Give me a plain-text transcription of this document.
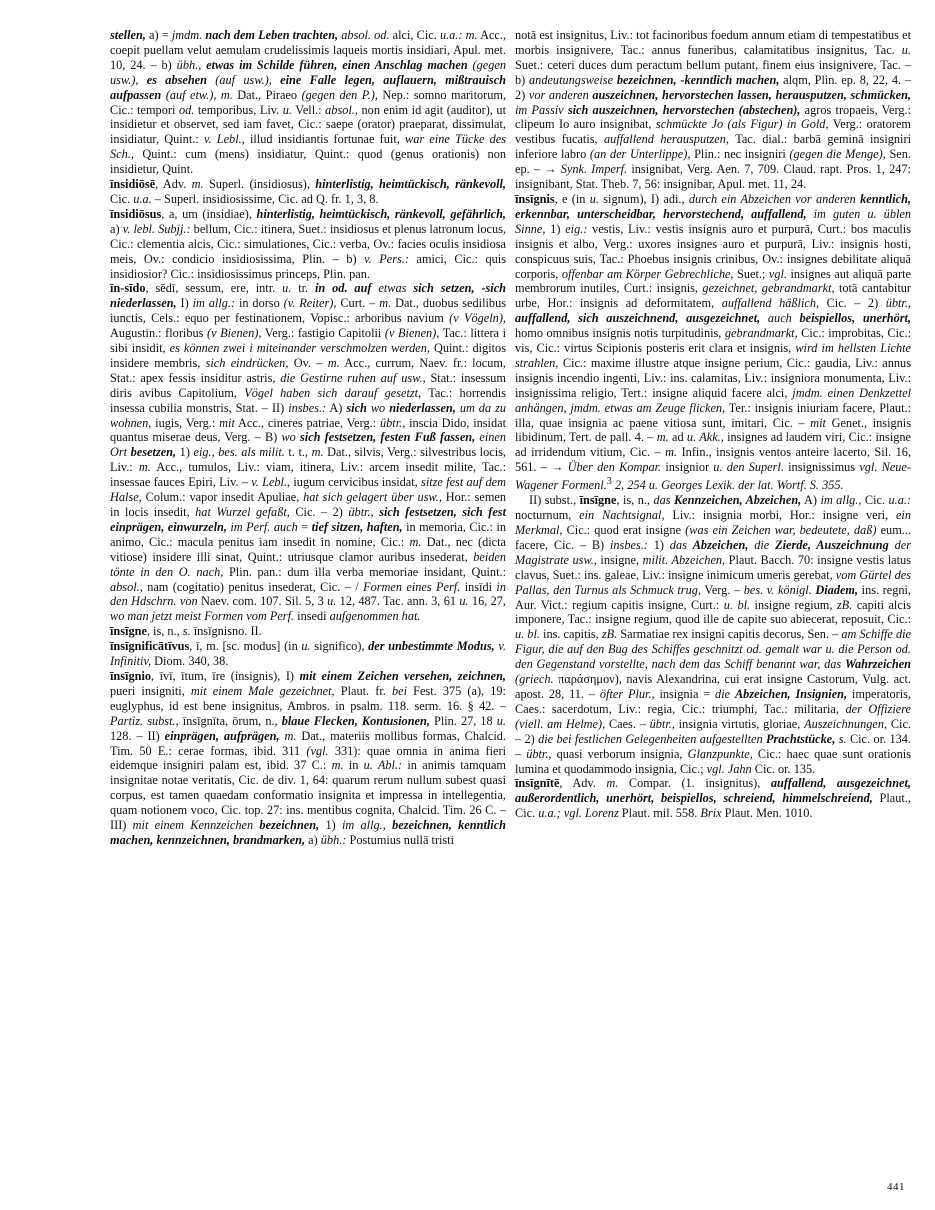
stellen, a) = jmdm. nach dem Leben trachten, absol. od. alci, Cic. u.a.: m. Acc., coepit puellam velut aemulam crudelissimis laqueis mortis insidiari, Apul. met. 10, 24. – b) übh., etwas im Schilde führen, einen Anschlag machen (gegen usw.), es absehen (auf usw.), eine Falle legen, auflauern, mißtrauisch aufpassen (auf etw.), m. Dat., Piraeo (gegen den P.), Nep.: somno maritorum, Cic.: tempori od. temporibus, Liv. u. Vell.: absol., non enim id agit (auditor), ut insidietur et observet, sed iam favet, Cic.: saepe (orator) praeparat, dissimulat, insidiatur, Quint.: v. Lebl., illud insidiantis fortunae fuit, war eine Tücke des Sch., Quint.: cum (mens) insidiatur, Quint.: quod (genus orationis) non insidietur, Quint.

īnsidiōsē, Adv. m. Superl. (insidiosus), hinterlistig, heimtückisch, ränkevoll, Cic. u.a. – Superl. insidiosissime, Cic. ad Q. fr. 1, 3, 8.

īnsidiōsus, a, um (insidiae), hinterlistig, heimtückisch, ränkevoll, gefährlich, a) v. lebl. Subjj.: bellum, Cic.: itinera, Suet.: insidiosus et plenus latronum locus, Cic.: clementia alcis, Cic.: simulationes, Cic.: verba, Ov.: facies oculis insidiosa meis, Ov.: condicio insidiosissima, Plin. – b) v. Pers.: amici, Cic.: quis insidiosior? Cic.: insidiosissimus princeps, Plin. pan.

īn-sīdo, sēdī, sessum, ere, intr. u. tr. in od. auf etwas sich setzen, -sich niederlassen, I) im allg.: in dorso (v. Reiter), Curt. – m. Dat., duobus sedilibus iunctis, Cels.: equo per festinationem, Vopisc.: arboribus navium (v Vögeln), Augustin.: floribus (v Bienen), Verg.: fastigio Capitolii (v Bienen), Tac.: littera i sibi insidit, es können zwei i miteinander verschmolzen werden, Quint.: digitos insidere membris, sich eindrücken, Ov. – m. Acc., currum, Naev. fr.: locum, Stat.: apex fessis insiditur astris, die Gestirne ruhen auf usw., Stat.: insessum diris avibus Capitolium, Vögel haben sich darauf gesetzt, Tac.: horrendis insessa cubilia monstris, Stat. – II) insbes.: A) sich wo niederlassen, um da zu wohnen, iugis, Verg.: mit Acc., cineres patriae, Verg.: übtr., inscia Dido, insidat quantus miserae deus, Verg. – B) wo sich festsetzen, festen Fuß fassen, einen Ort besetzen, 1) eig., bes. als milit. t. t., m. Dat., silvis, Verg.: silvestribus locis, Liv.: m. Acc., tumulos, Liv.: viam, itinera, Liv.: arcem insedit milite, Tac.: insessae fauces Epiri, Liv. – v. Lebl., iugum cervicibus insidat, sitze fest auf dem Halse, Colum.: vapor insedit Apuliae, hat sich gelagert über usw., Hor.: semen in locis insedit, hat Wurzel gefaßt, Cic. – 2) übtr., sich festsetzen, sich fest einprägen, einwurzeln, im Perf. auch = tief sitzen, haften, in memoria, Cic.: in animo, Cic.: macula penitus iam insedit in nomine, Cic.: m. Dat., nec (dicta vitiose) insidere illi sinat, Quint.: utriusque clamor auribus insederat, beiden tönte in den O. nach, Plin. pan.: dum illa verba memoriae insidant, Quint.: absol., nam (cogitatio) penitus insederat, Cic. – / Formen eines Perf. insīdi in den Hdschrn. von Naev. com. 107. Sil. 5, 3 u. 12, 487. Tac. ann. 3, 61 u. 16, 27, wo man jetzt meist Formen vom Perf. insedi aufgenommen hat.

īnsīgne, is, n., s. īnsīgnisno. II.

īnsīgnificātīvus, ī, m. [sc. modus] (in u. significo), der unbestimmte Modus, v. Infinitiv, Diom. 340, 38.

īnsīgnio, īvī, ītum, īre (insignis), I) mit einem Zeichen versehen, zeichnen, pueri insigniti, mit einem Male gezeichnet, Plaut. fr. bei Fest. 375 (a), 19: euglyphus, id est bene insignitus, Ambros. in psalm. 118. serm. 16. § 42. – Partiz. subst., īnsīgnīta, ōrum, n., blaue Flecken, Kontusionen, Plin. 27, 18 u. 128. – II) einprägen, aufprägen, m. Dat., materiis mollibus formas, Chalcid. Tim. 50 E.: cerae formas, ibid. 311 (vgl. 331): quae omnia in anima fieri eidemque insigniri palam est, ibid. 37 C.: m. in u. Abl.: in animis tamquam insignitae notae veritatis, Cic. de div. 1, 64: quarum rerum nullum subest quasi corpus, est tamen quaedam conformatio insignita et impressa in intellegentia, quam notionem voco, Cic. top. 27: ins. mentibus cognita, Chalcid. Tim. 26 C. – III) mit einem Kennzeichen bezeichnen, 1) im allg., bezeichnen, kenntlich machen, kennzeichnen, brandmarken, a) übh.: Postumius nullā tristi

notā est insignitus, Liv.: tot facinoribus foedum annum etiam di tempestatibus et morbis insignivere, Tac.: annus funeribus, calamitatibus insignitus, Tac. u. Suet.: ceteri duces dum peractum bellum putant, finem eius insignivere, Tac. – b) andeutungsweise bezeichnen, -kenntlich machen, alqm, Plin. ep. 8, 22, 4. – 2) vor anderen auszeichnen, hervorstechen lassen, herausputzen, schmücken, im Passiv sich auszeichnen, hervorstechen (abstechen), agros tropaeis, Verg.: clipeum Io auro insignibat, schmückte Jo (als Figur) in Gold, Verg.: oratorem vestibus fucatis, auffallend herausputzen, Tac. dial.: barbā geminā insigniri inferiore labro (an der Unterlippe), Plin.: nec insigniri (gegen die Menge), Sen. ep. – → Synk. Imperf. insignibat, Verg. Aen. 7, 709. Claud. rapt. Pros. 1, 247: insignibant, Stat. Theb. 7, 56: insignibar, Apul. met. 11, 24.

īnsīgnis, e (in u. signum), I) adi., durch ein Abzeichen vor anderen kenntlich, erkennbar, unterscheidbar, hervorstechend, auffallend, im guten u. üblen Sinne, 1) eig.: vestis, Liv.: vestis insignis auro et purpurā, Curt.: bos maculis insignis et albo, Verg.: uxores insignes auro et purpurā, Liv.: insignis hosti, conspicuus suis, Tac.: Phoebus insignis crinibus, Ov.: insignes debilitate aliquā corporis, offenbar am Körper Gebrechliche, Suet.; vgl. insignes aut aliquā parte membrorum inutiles, Curt.: insignis, gezeichnet, gebrandmarkt, totā cantabitur urbe, Hor.: insignis ad deformitatem, auffallend häßlich, Cic. – 2) übtr., auffallend, sich auszeichnend, ausgezeichnet, auch beispiellos, unerhört, homo omnibus insignis notis turpitudinis, gebrandmarkt, Cic.: improbitas, Cic.: vis, Cic.: virtus Scipionis posteris erit clara et insignis, wird im hellsten Lichte strahlen, Cic.: maxime illustre atque insigne perium, Cic.: gaudia, Liv.: annus insignis incendio ingenti, Liv.: ins. calamitas, Liv.: insigniora monumenta, Liv.: insignissima religio, Tert.: insigne aliquid facere alci, jmdm. einen Denkzettel anhängen, jmdm. etwas am Zeuge flicken, Ter.: insignis iniuriam facere, Plaut.: illa, quae insignia ac paene vitiosa sunt, imitari, Cic. – mit Genet., insignis libidinum, Tert. de pall. 4. – m. ad u. Akk., insignes ad laudem viri, Cic.: insigne ad irridendum vitium, Cic. – m. Infin., insignis ventos anteire lacerto, Sil. 16, 561. – → Über den Kompar. insignior u. den Superl. insignissimus vgl. Neue-Wagener Formenl.$^3$ 2, 254 u. Georges Lexik. der lat. Wortf. S. 355.

II) subst., īnsīgne, is, n., das Kennzeichen, Abzeichen, A) im allg., Cic. u.a.: nocturnum, ein Nachtsignal, Liv.: insignia morbi, Hor.: insigne veri, ein Merkmal, Cic.: quod erat insigne (was ein Zeichen war, bedeutete, daß) eum... facere, Cic. – B) insbes.: 1) das Abzeichen, die Zierde, Auszeichnung der Magistrate usw., insigne, milit. Abzeichen, Plaut. Bacch. 70: insigne vestis latus clavus, Suet.: ins. galeae, Liv.: insigne inimicum umeris gerebat, vom Gürtel des Pallas, den Turnus als Schmuck trug, Verg. – bes. v. königl. Diadem, ins. regni, Aur. Vict.: regium capitis insigne, Curt.: u. bl. insigne regium, zB. capiti alcis imponere, Tac.: insigne regium, quod ille de capite suo abiecerat, reposuit, Cic.: u. bl. ins. capitis, zB. Sarmatiae rex insigni capitis decorus, Sen. – am Schiffe die Figur, die auf den Bug des Schiffes geschnitzt od. gemalt war u. die Person od. den Gegenstand vorstellte, nach dem das Schiff benannt war, das Wahrzeichen (griech. παράσημον), navis Alexandrina, cui erat insigne Castorum, Vulg. act. apost. 28, 11. – öfter Plur., insignia = die Abzeichen, Insignien, imperatoris, Caes.: sacerdotum, Liv.: regia, Cic.: triumphi, Tac.: militaria, der Offiziere (viell. am Helme), Caes. – übtr., insignia virtutis, gloriae, Auszeichnungen, Cic. – 2) die bei festlichen Gelegenheiten aufgestellten Prachtstücke, s. Cic. or. 134. – übtr., quasi verborum insignia, Glanzpunkte, Cic.: haec quae sunt orationis lumina et quodammodo insignia, Cic.; vgl. Jahn Cic. or. 135.

īnsīgnītē, Adv. m. Compar. (1. insignitus), auffallend, ausgezeichnet, außerordentlich, unerhört, beispiellos, schreiend, himmelschreiend, Plaut., Cic. u.a.; vgl. Lorenz Plaut. mil. 558. Brix Plaut. Men. 1010.

441
